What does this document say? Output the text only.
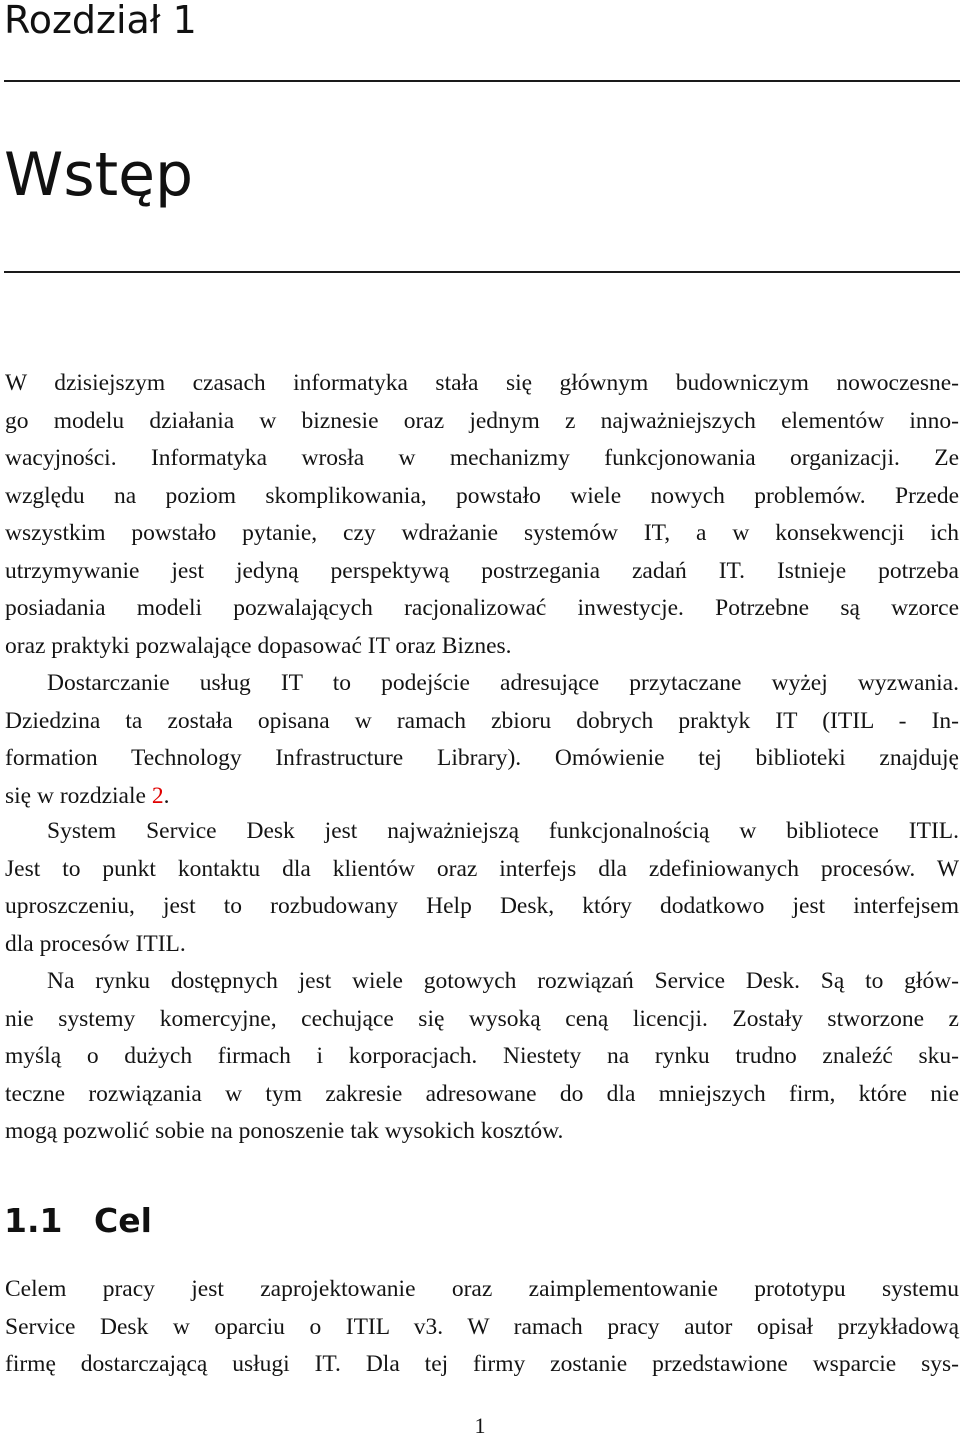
Rozdział 1
Wstęp
W dzisiejszym czasach informatyka stała się głównym budowniczym nowoczesne-
go modelu działania w biznesie oraz jednym z najważniejszych elementów inno-
wacyjności. Informatyka wrosła w mechanizmy funkcjonowania organizacji. Ze
względu na poziom skomplikowania, powstało wiele nowych problemów. Przede
wszystkim powstało pytanie, czy wdrażanie systemów IT, a w konsekwencji ich
utrzymywanie jest jedyną perspektywą postrzegania zadań IT. Istnieje potrzeba
posiadania modeli pozwalających racjonalizować inwestycje. Potrzebne są wzorce
oraz praktyki pozwalające dopasować IT oraz Biznes.
Dostarczanie usług IT to podejście adresujące przytaczane wyżej wyzwania.
Dziedzina ta została opisana w ramach zbioru dobrych praktyk IT (ITIL - In-
formation Technology Infrastructure Library). Omówienie tej biblioteki znajduję
się w rozdziale 2.
System Service Desk jest najważniejszą funkcjonalnością w bibliotece ITIL.
Jest to punkt kontaktu dla klientów oraz interfejs dla zdefiniowanych procesów. W
uproszczeniu, jest to rozbudowany Help Desk, który dodatkowo jest interfejsem
dla procesów ITIL.
Na rynku dostępnych jest wiele gotowych rozwiązań Service Desk. Są to głów-
nie systemy komercyjne, cechujące się wysoką ceną licencji. Zostały stworzone z
myślą o dużych firmach i korporacjach. Niestety na rynku trudno znaleźć sku-
teczne rozwiązania w tym zakresie adresowane do dla mniejszych firm, które nie
mogą pozwolić sobie na ponoszenie tak wysokich kosztów.
1.1 Cel
Celem pracy jest zaprojektowanie oraz zaimplementowanie prototypu systemu
Service Desk w oparciu o ITIL v3. W ramach pracy autor opisał przykładową
firmę dostarczającą usługi IT. Dla tej firmy zostanie przedstawione wsparcie sys-
1
